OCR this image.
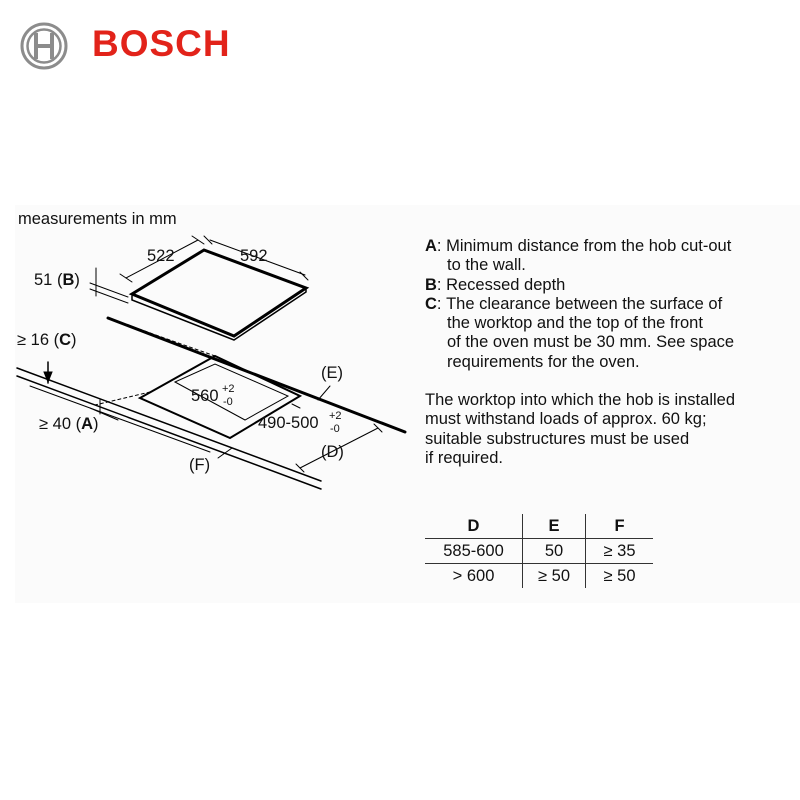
BOSCH
measurements in mm
522	592
51 (B)
≥ 16 (C)
≥ 40 (A)
560 +2
-0
490-500 +2
-0
(E)
(F)
(D)
A : Minimum distance from the hob cut-out
to the wall.
B : Recessed depth
C : The clearance between the surface of
the worktop and the top of the front
of the oven must be 30 mm. See space
requirements for the oven.
The worktop into which the hob is installed
must withstand loads of approx. 60 kg;
suitable substructures must be used
if required.
D	E	F
585-600	50	≥ 35
> 600	≥ 50	≥ 50
